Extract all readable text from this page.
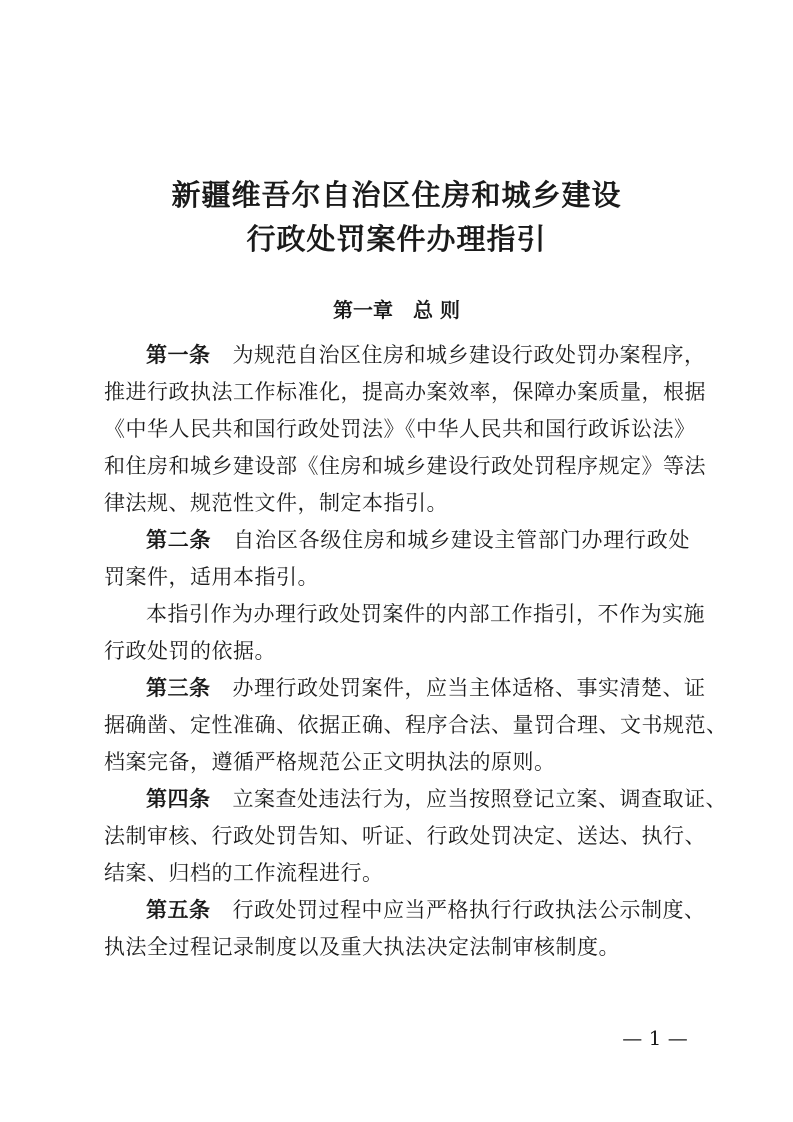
新疆维吾尔自治区住房和城乡建设
行政处罚案件办理指引
第一章　总 则
第一条 为规范自治区住房和城乡建设行政处罚办案程序，
推进行政执法工作标准化，提高办案效率，保障办案质量，根据
《中华人民共和国行政处罚法》《中华人民共和国行政诉讼法》
和住房和城乡建设部《住房和城乡建设行政处罚程序规定》等法
律法规、规范性文件，制定本指引。
第二条 自治区各级住房和城乡建设主管部门办理行政处
罚案件，适用本指引。
本指引作为办理行政处罚案件的内部工作指引，不作为实施
行政处罚的依据。
第三条 办理行政处罚案件，应当主体适格、事实清楚、证
据确凿、定性准确、依据正确、程序合法、量罚合理、文书规范、
档案完备，遵循严格规范公正文明执法的原则。
第四条 立案查处违法行为，应当按照登记立案、调查取证、
法制审核、行政处罚告知、听证、行政处罚决定、送达、执行、
结案、归档的工作流程进行。
第五条 行政处罚过程中应当严格执行行政执法公示制度、
执法全过程记录制度以及重大执法决定法制审核制度。
— 1 —
